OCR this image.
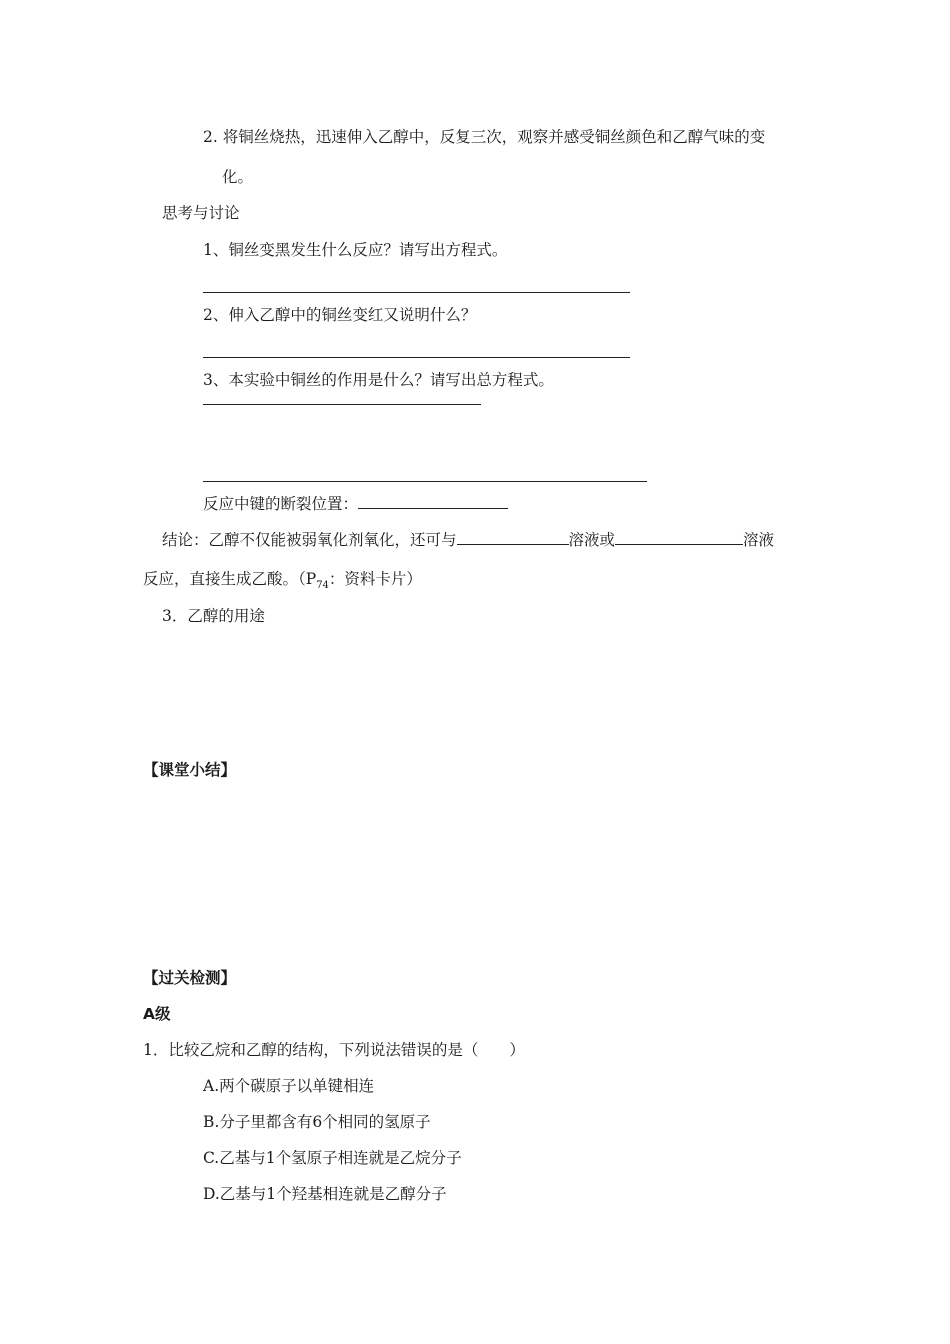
2. 将铜丝烧热，迅速伸入乙醇中，反复三次，观察并感受铜丝颜色和乙醇气味的变
化。
思考与讨论
1、铜丝变黑发生什么反应？请写出方程式。
2、伸入乙醇中的铜丝变红又说明什么？
3、本实验中铜丝的作用是什么？请写出总方程式。
反应中键的断裂位置：
结论：乙醇不仅能被弱氧化剂氧化，还可与	溶液或	溶液
反应，直接生成乙酸。（$P_{74}$：资料卡片）
3．乙醇的用途
【课堂小结】
【过关检测】
A级
1．比较乙烷和乙醇的结构，下列说法错误的是（　　）
A.两个碳原子以单键相连
B.分子里都含有6个相同的氢原子
C.乙基与1个氢原子相连就是乙烷分子
D.乙基与1个羟基相连就是乙醇分子
